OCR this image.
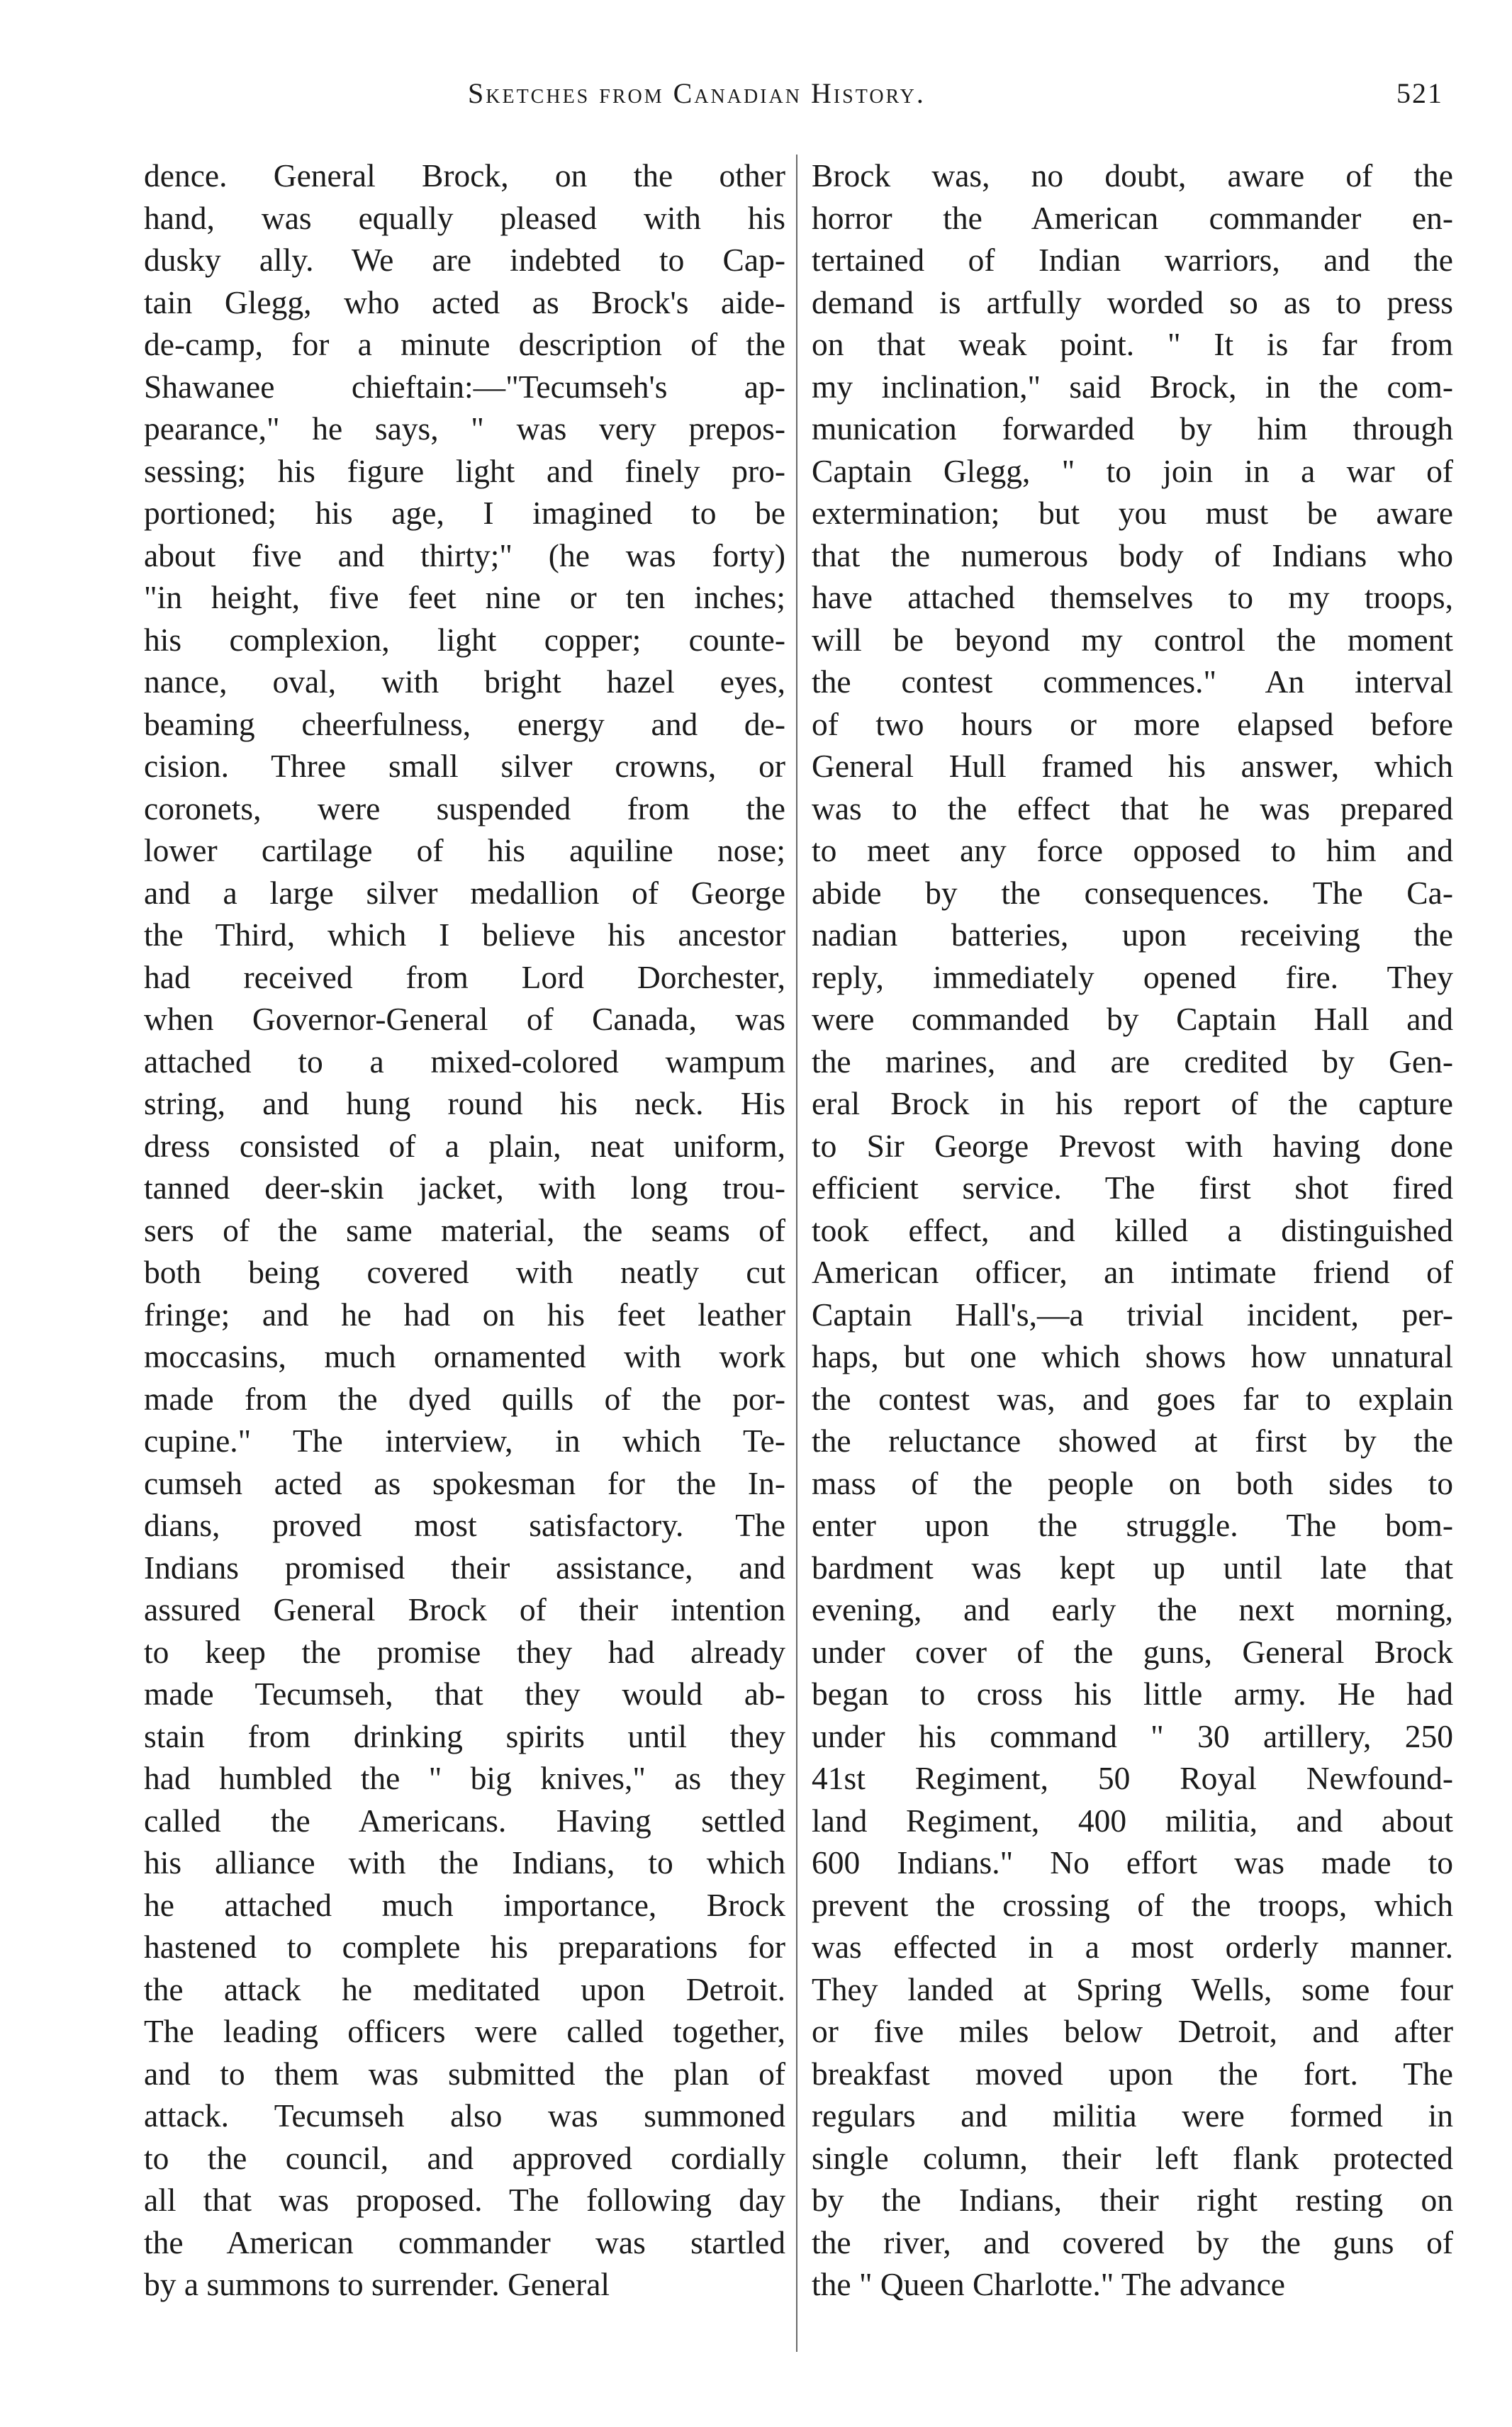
Sketches from Canadian History.	521
dence. General Brock, on the other
hand, was equally pleased with his
dusky ally. We are indebted to Cap-
tain Glegg, who acted as Brock's aide-
de-camp, for a minute description of the
Shawanee chieftain:—"Tecumseh's ap-
pearance," he says, " was very prepos-
sessing; his figure light and finely pro-
portioned; his age, I imagined to be
about five and thirty;" (he was forty)
"in height, five feet nine or ten inches;
his complexion, light copper; counte-
nance, oval, with bright hazel eyes,
beaming cheerfulness, energy and de-
cision. Three small silver crowns, or
coronets, were suspended from the
lower cartilage of his aquiline nose;
and a large silver medallion of George
the Third, which I believe his ancestor
had received from Lord Dorchester,
when Governor-General of Canada, was
attached to a mixed-colored wampum
string, and hung round his neck. His
dress consisted of a plain, neat uniform,
tanned deer-skin jacket, with long trou-
sers of the same material, the seams of
both being covered with neatly cut
fringe; and he had on his feet leather
moccasins, much ornamented with work
made from the dyed quills of the por-
cupine." The interview, in which Te-
cumseh acted as spokesman for the In-
dians, proved most satisfactory. The
Indians promised their assistance, and
assured General Brock of their intention
to keep the promise they had already
made Tecumseh, that they would ab-
stain from drinking spirits until they
had humbled the " big knives," as they
called the Americans. Having settled
his alliance with the Indians, to which
he attached much importance, Brock
hastened to complete his preparations for
the attack he meditated upon Detroit.
The leading officers were called together,
and to them was submitted the plan of
attack. Tecumseh also was summoned
to the council, and approved cordially
all that was proposed. The following day
the American commander was startled
by a summons to surrender. General
Brock was, no doubt, aware of the
horror the American commander en-
tertained of Indian warriors, and the
demand is artfully worded so as to press
on that weak point. " It is far from
my inclination," said Brock, in the com-
munication forwarded by him through
Captain Glegg, " to join in a war of
extermination; but you must be aware
that the numerous body of Indians who
have attached themselves to my troops,
will be beyond my control the moment
the contest commences." An interval
of two hours or more elapsed before
General Hull framed his answer, which
was to the effect that he was prepared
to meet any force opposed to him and
abide by the consequences. The Ca-
nadian batteries, upon receiving the
reply, immediately opened fire. They
were commanded by Captain Hall and
the marines, and are credited by Gen-
eral Brock in his report of the capture
to Sir George Prevost with having done
efficient service. The first shot fired
took effect, and killed a distinguished
American officer, an intimate friend of
Captain Hall's,—a trivial incident, per-
haps, but one which shows how unnatural
the contest was, and goes far to explain
the reluctance showed at first by the
mass of the people on both sides to
enter upon the struggle. The bom-
bardment was kept up until late that
evening, and early the next morning,
under cover of the guns, General Brock
began to cross his little army. He had
under his command " 30 artillery, 250
41st Regiment, 50 Royal Newfound-
land Regiment, 400 militia, and about
600 Indians." No effort was made to
prevent the crossing of the troops, which
was effected in a most orderly manner.
They landed at Spring Wells, some four
or five miles below Detroit, and after
breakfast moved upon the fort. The
regulars and militia were formed in
single column, their left flank protected
by the Indians, their right resting on
the river, and covered by the guns of
the " Queen Charlotte." The advance
